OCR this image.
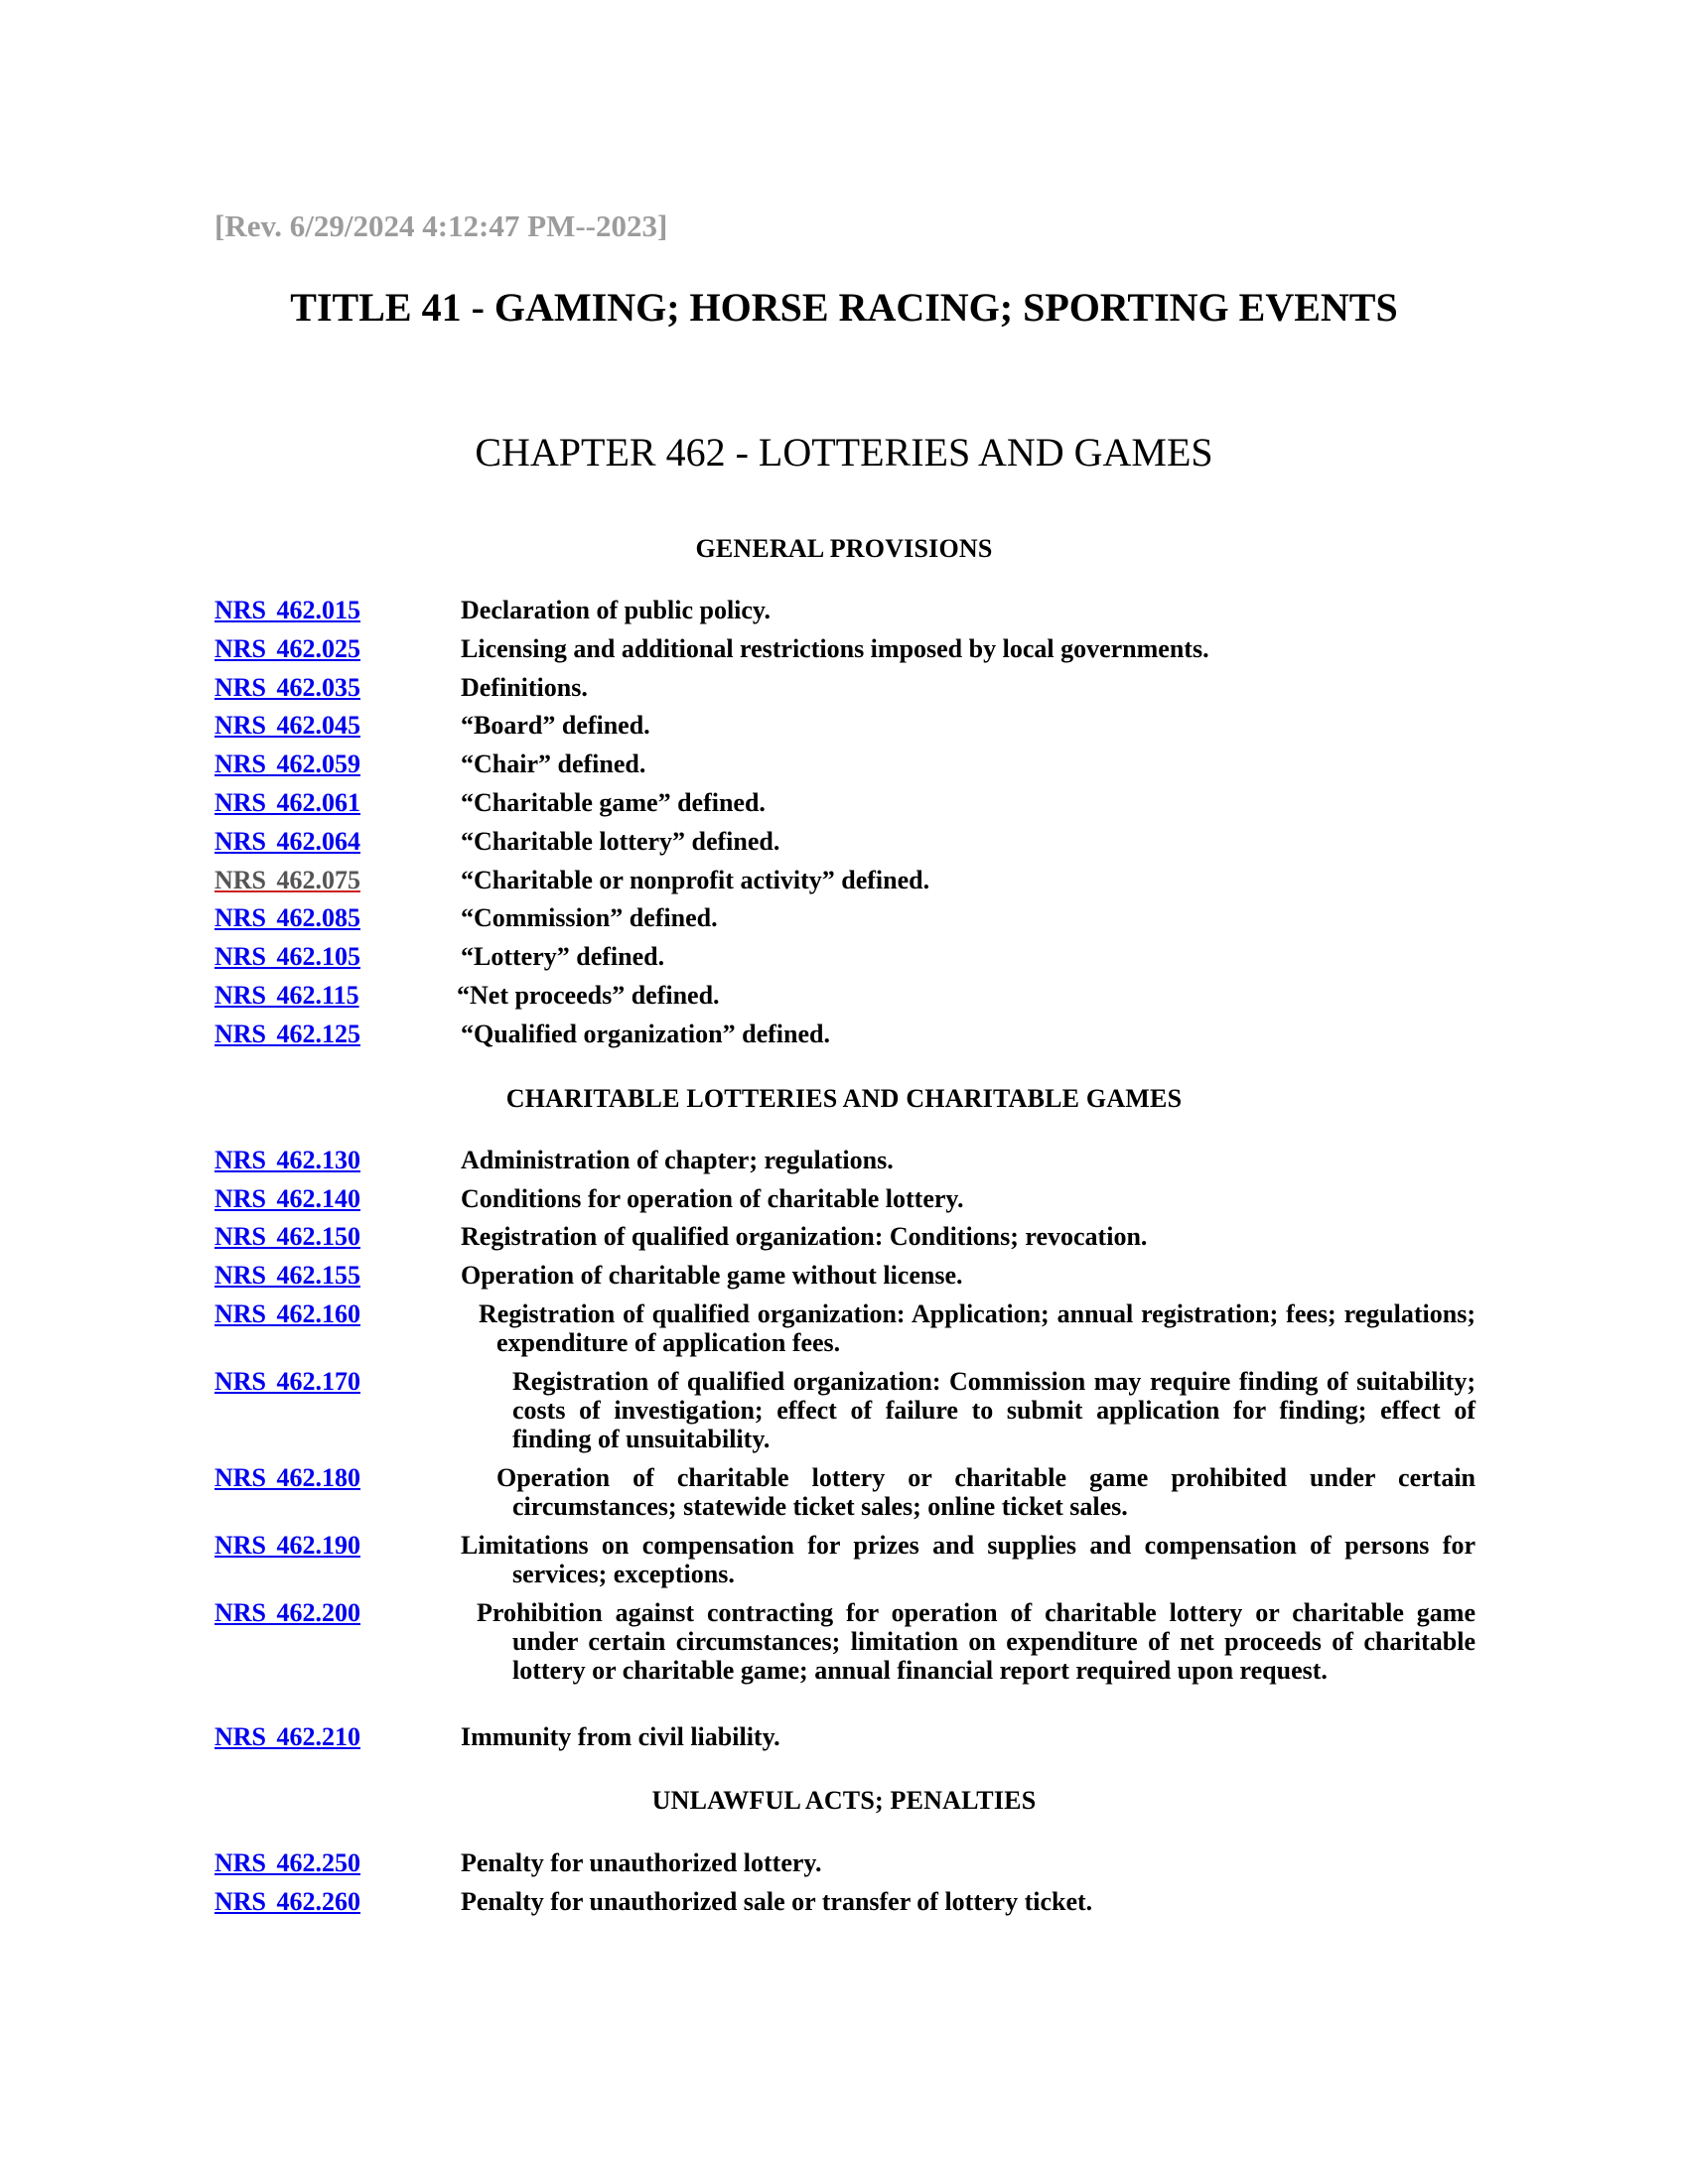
[Rev. 6/29/2024 4:12:47 PM--2023]
TITLE 41 - GAMING; HORSE RACING; SPORTING EVENTS
CHAPTER 462 - LOTTERIES AND GAMES
GENERAL PROVISIONS
NRS 462.015	Declaration of public policy.
NRS 462.025	Licensing and additional restrictions imposed by local governments.
NRS 462.035	Definitions.
NRS 462.045	“Board” defined.
NRS 462.059	“Chair” defined.
NRS 462.061	“Charitable game” defined.
NRS 462.064	“Charitable lottery” defined.
NRS 462.075	“Charitable or nonprofit activity” defined.
NRS 462.085	“Commission” defined.
NRS 462.105	“Lottery” defined.
NRS 462.115	“Net proceeds” defined.
NRS 462.125	“Qualified organization” defined.
CHARITABLE LOTTERIES AND CHARITABLE GAMES
NRS 462.130	Administration of chapter; regulations.
NRS 462.140	Conditions for operation of charitable lottery.
NRS 462.150	Registration of qualified organization: Conditions; revocation.
NRS 462.155	Operation of charitable game without license.
NRS 462.160	Registration of qualified organization: Application; annual registration; fees; regulations; expenditure of application fees.
NRS 462.170	Registration of qualified organization: Commission may require finding of suitability; costs of investigation; effect of failure to submit application for finding; effect of finding of unsuitability.
NRS 462.180	Operation of charitable lottery or charitable game prohibited under certain circumstances; statewide ticket sales; online ticket sales.
NRS 462.190	Limitations on compensation for prizes and supplies and compensation of persons for services; exceptions.
NRS 462.200	Prohibition against contracting for operation of charitable lottery or charitable game under certain circumstances; limitation on expenditure of net proceeds of charitable lottery or charitable game; annual financial report required upon request.
NRS 462.210	Immunity from civil liability.
UNLAWFUL ACTS; PENALTIES
NRS 462.250	Penalty for unauthorized lottery.
NRS 462.260	Penalty for unauthorized sale or transfer of lottery ticket.
